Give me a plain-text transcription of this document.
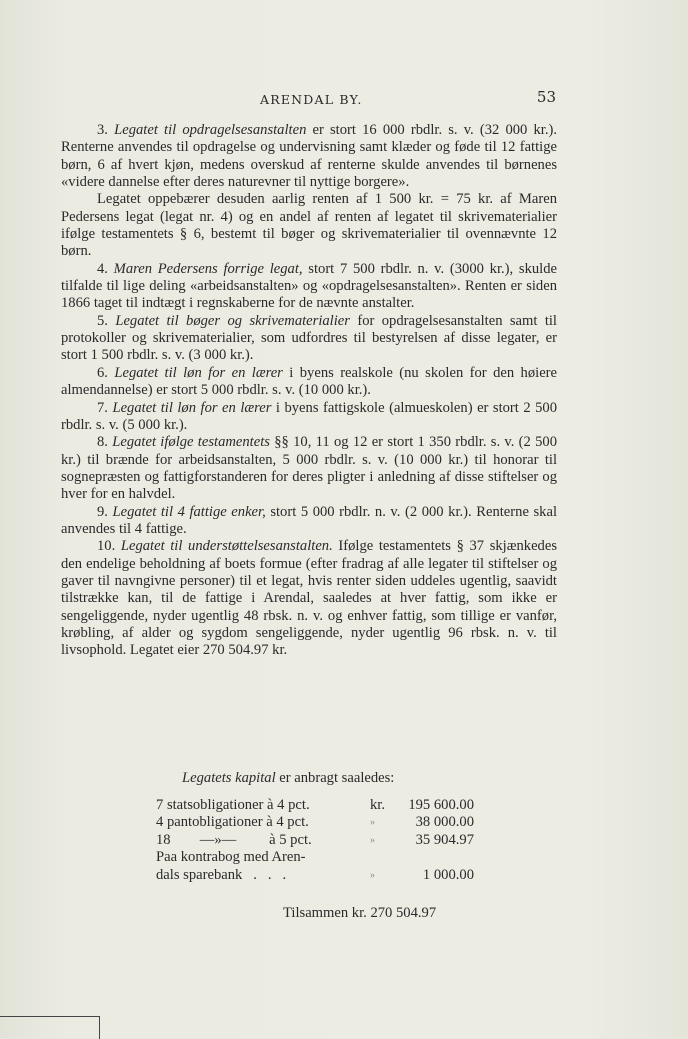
ARENDAL BY.	53

3. Legatet til opdragelsesanstalten er stort 16 000 rbdlr. s. v. (32 000 kr.). Renterne anvendes til opdragelse og undervisning samt klæder og føde til 12 fattige børn, 6 af hvert kjøn, medens overskud af renterne skulde anvendes til børnenes «videre dannelse efter deres naturevner til nyttige borgere».

Legatet oppebærer desuden aarlig renten af 1 500 kr. = 75 kr. af Maren Pedersens legat (legat nr. 4) og en andel af renten af legatet til skrivematerialier ifølge testamentets § 6, bestemt til bøger og skrivematerialier til ovennævnte 12 børn.

4. Maren Pedersens forrige legat, stort 7 500 rbdlr. n. v. (3000 kr.), skulde tilfalde til lige deling «arbeidsanstalten» og «opdragelsesanstalten». Renten er siden 1866 taget til indtægt i regnskaberne for de nævnte anstalter.

5. Legatet til bøger og skrivematerialier for opdragelsesanstalten samt til protokoller og skrivematerialier, som udfordres til bestyrelsen af disse legater, er stort 1 500 rbdlr. s. v. (3 000 kr.).

6. Legatet til løn for en lærer i byens realskole (nu skolen for den høiere almendannelse) er stort 5 000 rbdlr. s. v. (10 000 kr.).

7. Legatet til løn for en lærer i byens fattigskole (almueskolen) er stort 2 500 rbdlr. s. v. (5 000 kr.).

8. Legatet ifølge testamentets §§ 10, 11 og 12 er stort 1 350 rbdlr. s. v. (2 500 kr.) til brænde for arbeidsanstalten, 5 000 rbdlr. s. v. (10 000 kr.) til honorar til sognepræsten og fattigforstanderen for deres pligter i anledning af disse stiftelser og hver for en halvdel.

9. Legatet til 4 fattige enker, stort 5 000 rbdlr. n. v. (2 000 kr.). Renterne skal anvendes til 4 fattige.

10. Legatet til understøttelsesanstalten. Ifølge testamentets § 37 skjænkedes den endelige beholdning af boets formue (efter fradrag af alle legater til stiftelser og gaver til navngivne personer) til et legat, hvis renter siden uddeles ugentlig, saavidt tilstrække kan, til de fattige i Arendal, saaledes at hver fattig, som ikke er sengeliggende, nyder ugentlig 48 rbsk. n. v. og enhver fattig, som tillige er vanfør, krøbling, af alder og sygdom sengeliggende, nyder ugentlig 96 rbsk. n. v. til livsophold. Legatet eier 270 504.97 kr.

Legatets kapital er anbragt saaledes:
7 statsobligationer à 4 pct.	kr. 195 600.00
4 pantobligationer à 4 pct.	»	38 000.00
18        —»—         à 5 pct.	»	35 904.97
Paa kontrabog med Aren-
dals sparebank   .   .   .	»	1 000.00
Tilsammen kr. 270 504.97
